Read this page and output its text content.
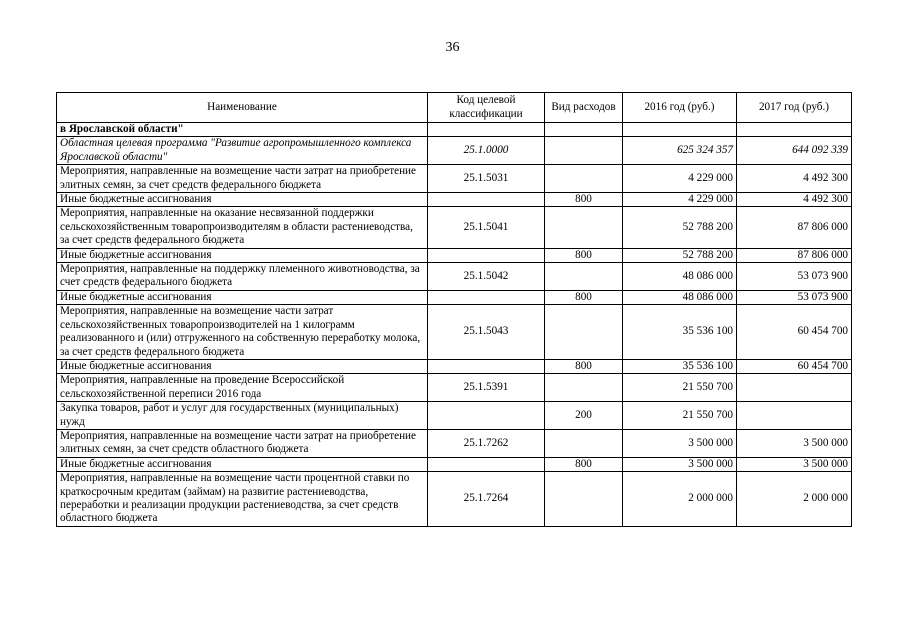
36
Наименование	Код целевой классификации	Вид расходов	2016 год (руб.)	2017 год (руб.)
в Ярославской области"				
Областная целевая программа "Развитие агропромышленного комплекса Ярославской области"	25.1.0000		625 324 357	644 092 339
Мероприятия, направленные на возмещение части затрат на приобретение элитных семян, за счет средств федерального бюджета	25.1.5031		4 229 000	4 492 300
Иные бюджетные ассигнования		800	4 229 000	4 492 300
Мероприятия, направленные на оказание несвязанной поддержки сельскохозяйственным товаропроизводителям в области растениеводства, за счет средств федерального бюджета	25.1.5041		52 788 200	87 806 000
Иные бюджетные ассигнования		800	52 788 200	87 806 000
Мероприятия, направленные на поддержку племенного животноводства, за счет средств федерального бюджета	25.1.5042		48 086 000	53 073 900
Иные бюджетные ассигнования		800	48 086 000	53 073 900
Мероприятия, направленные на возмещение части затрат сельскохозяйственных товаропроизводителей на 1 килограмм реализованного и (или) отгруженного на собственную переработку молока, за счет средств федерального бюджета	25.1.5043		35 536 100	60 454 700
Иные бюджетные ассигнования		800	35 536 100	60 454 700
Мероприятия, направленные на проведение Всероссийской сельскохозяйственной переписи 2016 года	25.1.5391		21 550 700	
Закупка товаров, работ и услуг для государственных (муниципальных) нужд		200	21 550 700	
Мероприятия, направленные на возмещение части затрат на приобретение элитных семян, за счет средств областного бюджета	25.1.7262		3 500 000	3 500 000
Иные бюджетные ассигнования		800	3 500 000	3 500 000
Мероприятия, направленные на возмещение части процентной ставки по краткосрочным кредитам (займам) на развитие растениеводства, переработки и реализации продукции растениеводства, за счет средств областного бюджета	25.1.7264		2 000 000	2 000 000
